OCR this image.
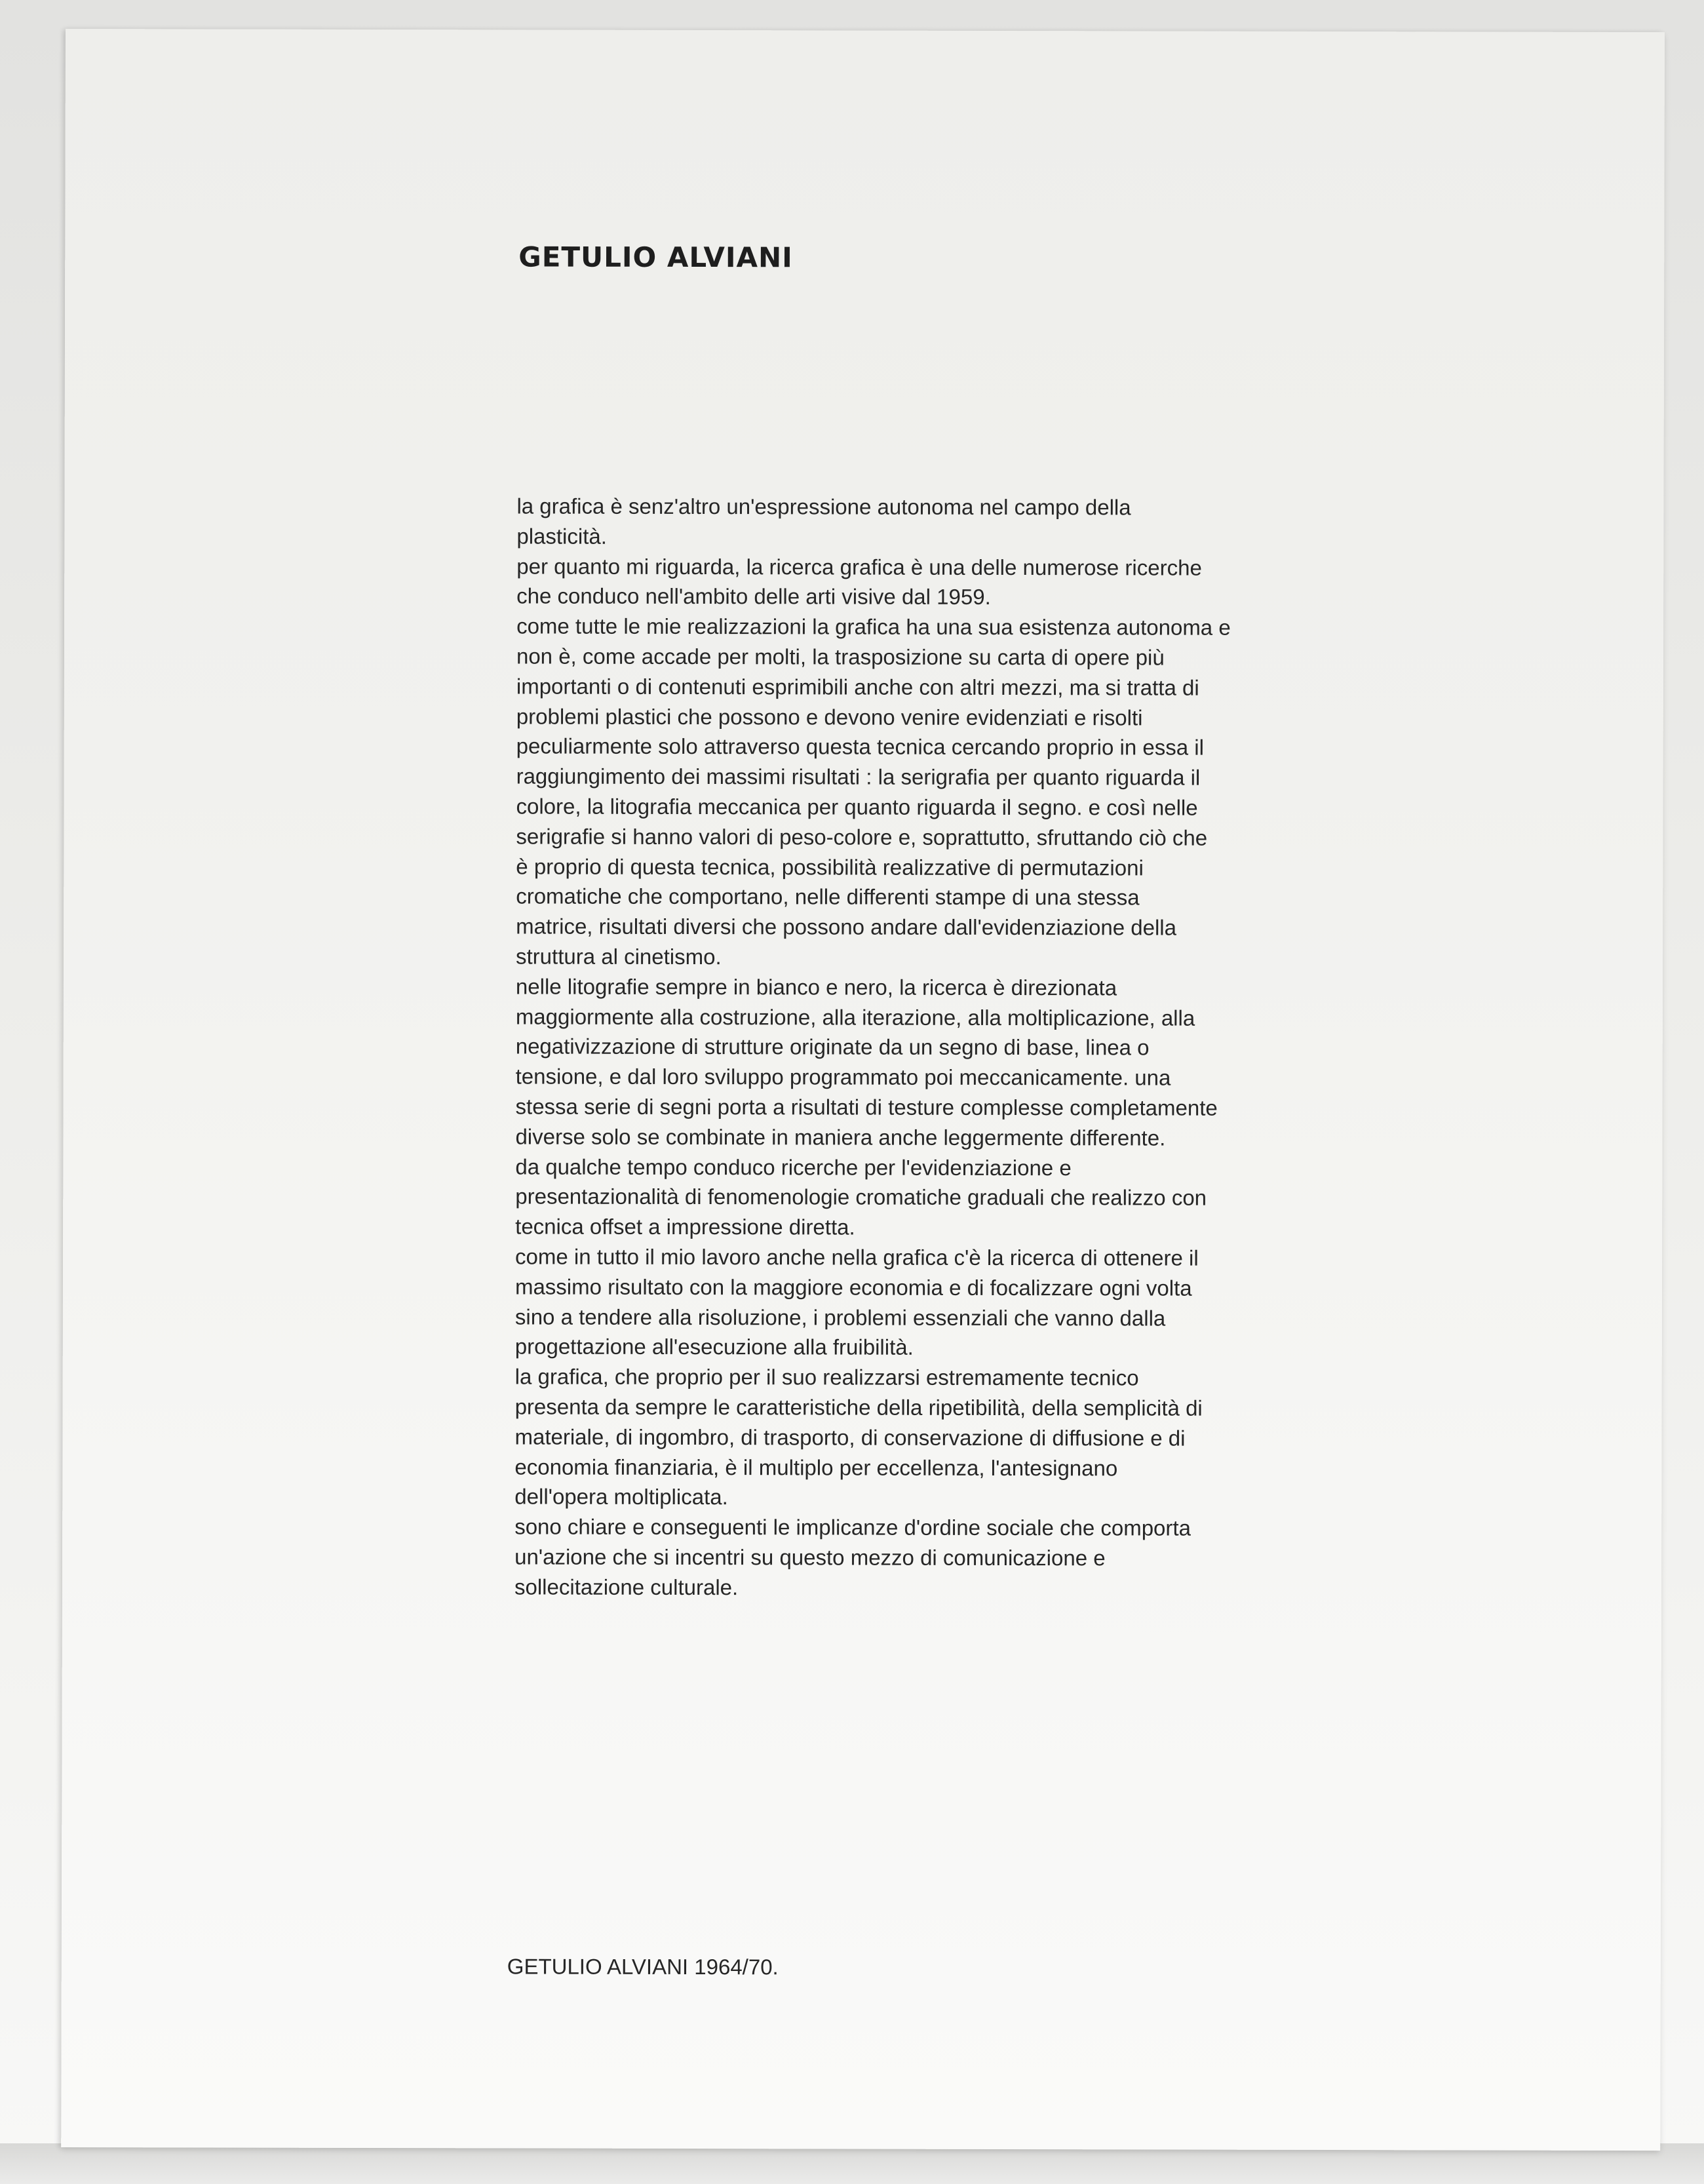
GETULIO ALVIANI
la grafica è senz'altro un'espressione autonoma nel campo della
plasticità.
per quanto mi riguarda, la ricerca grafica è una delle numerose ricerche
che conduco nell'ambito delle arti visive dal 1959.
come tutte le mie realizzazioni la grafica ha una sua esistenza autonoma e
non è, come accade per molti, la trasposizione su carta di opere più
importanti o di contenuti esprimibili anche con altri mezzi, ma si tratta di
problemi plastici che possono e devono venire evidenziati e risolti
peculiarmente solo attraverso questa tecnica cercando proprio in essa il
raggiungimento dei massimi risultati : la serigrafia per quanto riguarda il
colore, la litografia meccanica per quanto riguarda il segno. e così nelle
serigrafie si hanno valori di peso-colore e, soprattutto, sfruttando ciò che
è proprio di questa tecnica, possibilità realizzative di permutazioni
cromatiche che comportano, nelle differenti stampe di una stessa
matrice, risultati diversi che possono andare dall'evidenziazione della
struttura al cinetismo.
nelle litografie sempre in bianco e nero, la ricerca è direzionata
maggiormente alla costruzione, alla iterazione, alla moltiplicazione, alla
negativizzazione di strutture originate da un segno di base, linea o
tensione, e dal loro sviluppo programmato poi meccanicamente. una
stessa serie di segni porta a risultati di testure complesse completamente
diverse solo se combinate in maniera anche leggermente differente.
da qualche tempo conduco ricerche per l'evidenziazione e
presentazionalità di fenomenologie cromatiche graduali che realizzo con
tecnica offset a impressione diretta.
come in tutto il mio lavoro anche nella grafica c'è la ricerca di ottenere il
massimo risultato con la maggiore economia e di focalizzare ogni volta
sino a tendere alla risoluzione, i problemi essenziali che vanno dalla
progettazione all'esecuzione alla fruibilità.
la grafica, che proprio per il suo realizzarsi estremamente tecnico
presenta da sempre le caratteristiche della ripetibilità, della semplicità di
materiale, di ingombro, di trasporto, di conservazione di diffusione e di
economia finanziaria, è il multiplo per eccellenza, l'antesignano
dell'opera moltiplicata.
sono chiare e conseguenti le implicanze d'ordine sociale che comporta
un'azione che si incentri su questo mezzo di comunicazione e
sollecitazione culturale.

GETULIO ALVIANI 1964/70.
